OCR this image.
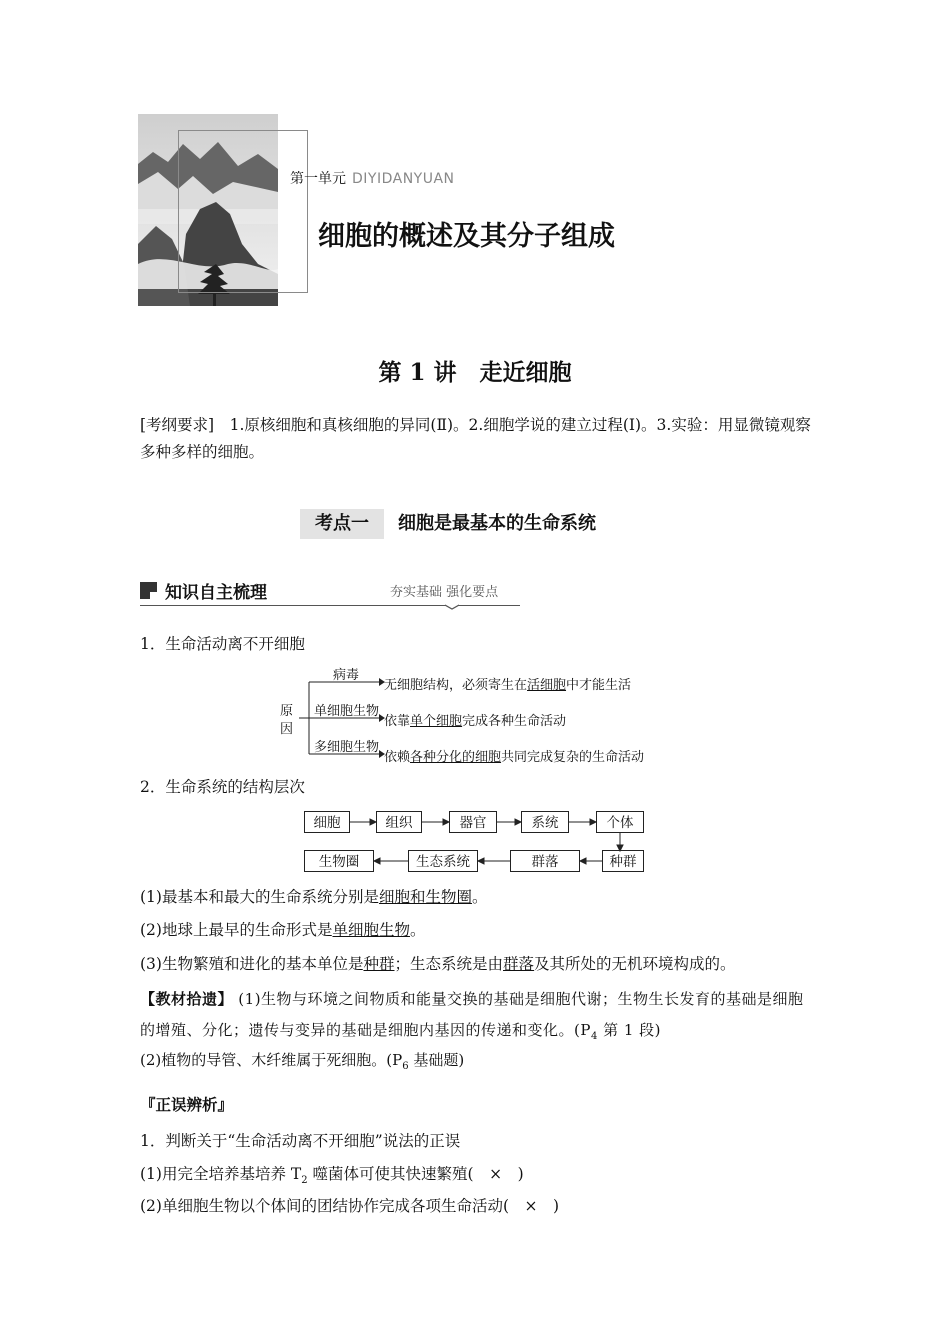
第一单元 DIYIDANYUAN
细胞的概述及其分子组成
第 1 讲　走近细胞
[考纲要求]　 1.原核细胞和真核细胞的异同(Ⅱ)。2.细胞学说的建立过程(Ⅰ)。3.实验：用显微镜观察多种多样的细胞。
考点一 细胞是最基本的生命系统
知识自主梳理	夯实基础 强化要点
1．生命活动离不开细胞
原
因
病毒
单细胞生物
多细胞生物
无细胞结构，必须寄生在活细胞中才能生活
依靠单个细胞完成各种生命活动
依赖各种分化的细胞共同完成复杂的生命活动
2．生命系统的结构层次
细胞	组织	器官	系统	个体
生物圈	生态系统	群落	种群
(1)最基本和最大的生命系统分别是细胞和生物圈。
(2)地球上最早的生命形式是单细胞生物。
(3)生物繁殖和进化的基本单位是种群；生态系统是由群落及其所处的无机环境构成的。
【教材拾遗】 (1)生物与环境之间物质和能量交换的基础是细胞代谢；生物生长发育的基础是细胞的增殖、分化；遗传与变异的基础是细胞内基因的传递和变化。($P_4$ 第 1 段)
(2)植物的导管、木纤维属于死细胞。($P_6$ 基础题)
『正误辨析』
1．判断关于“生命活动离不开细胞”说法的正误
(1)用完全培养基培养 $T_2$ 噬菌体可使其快速繁殖(　×　)
(2)单细胞生物以个体间的团结协作完成各项生命活动(　×　)
